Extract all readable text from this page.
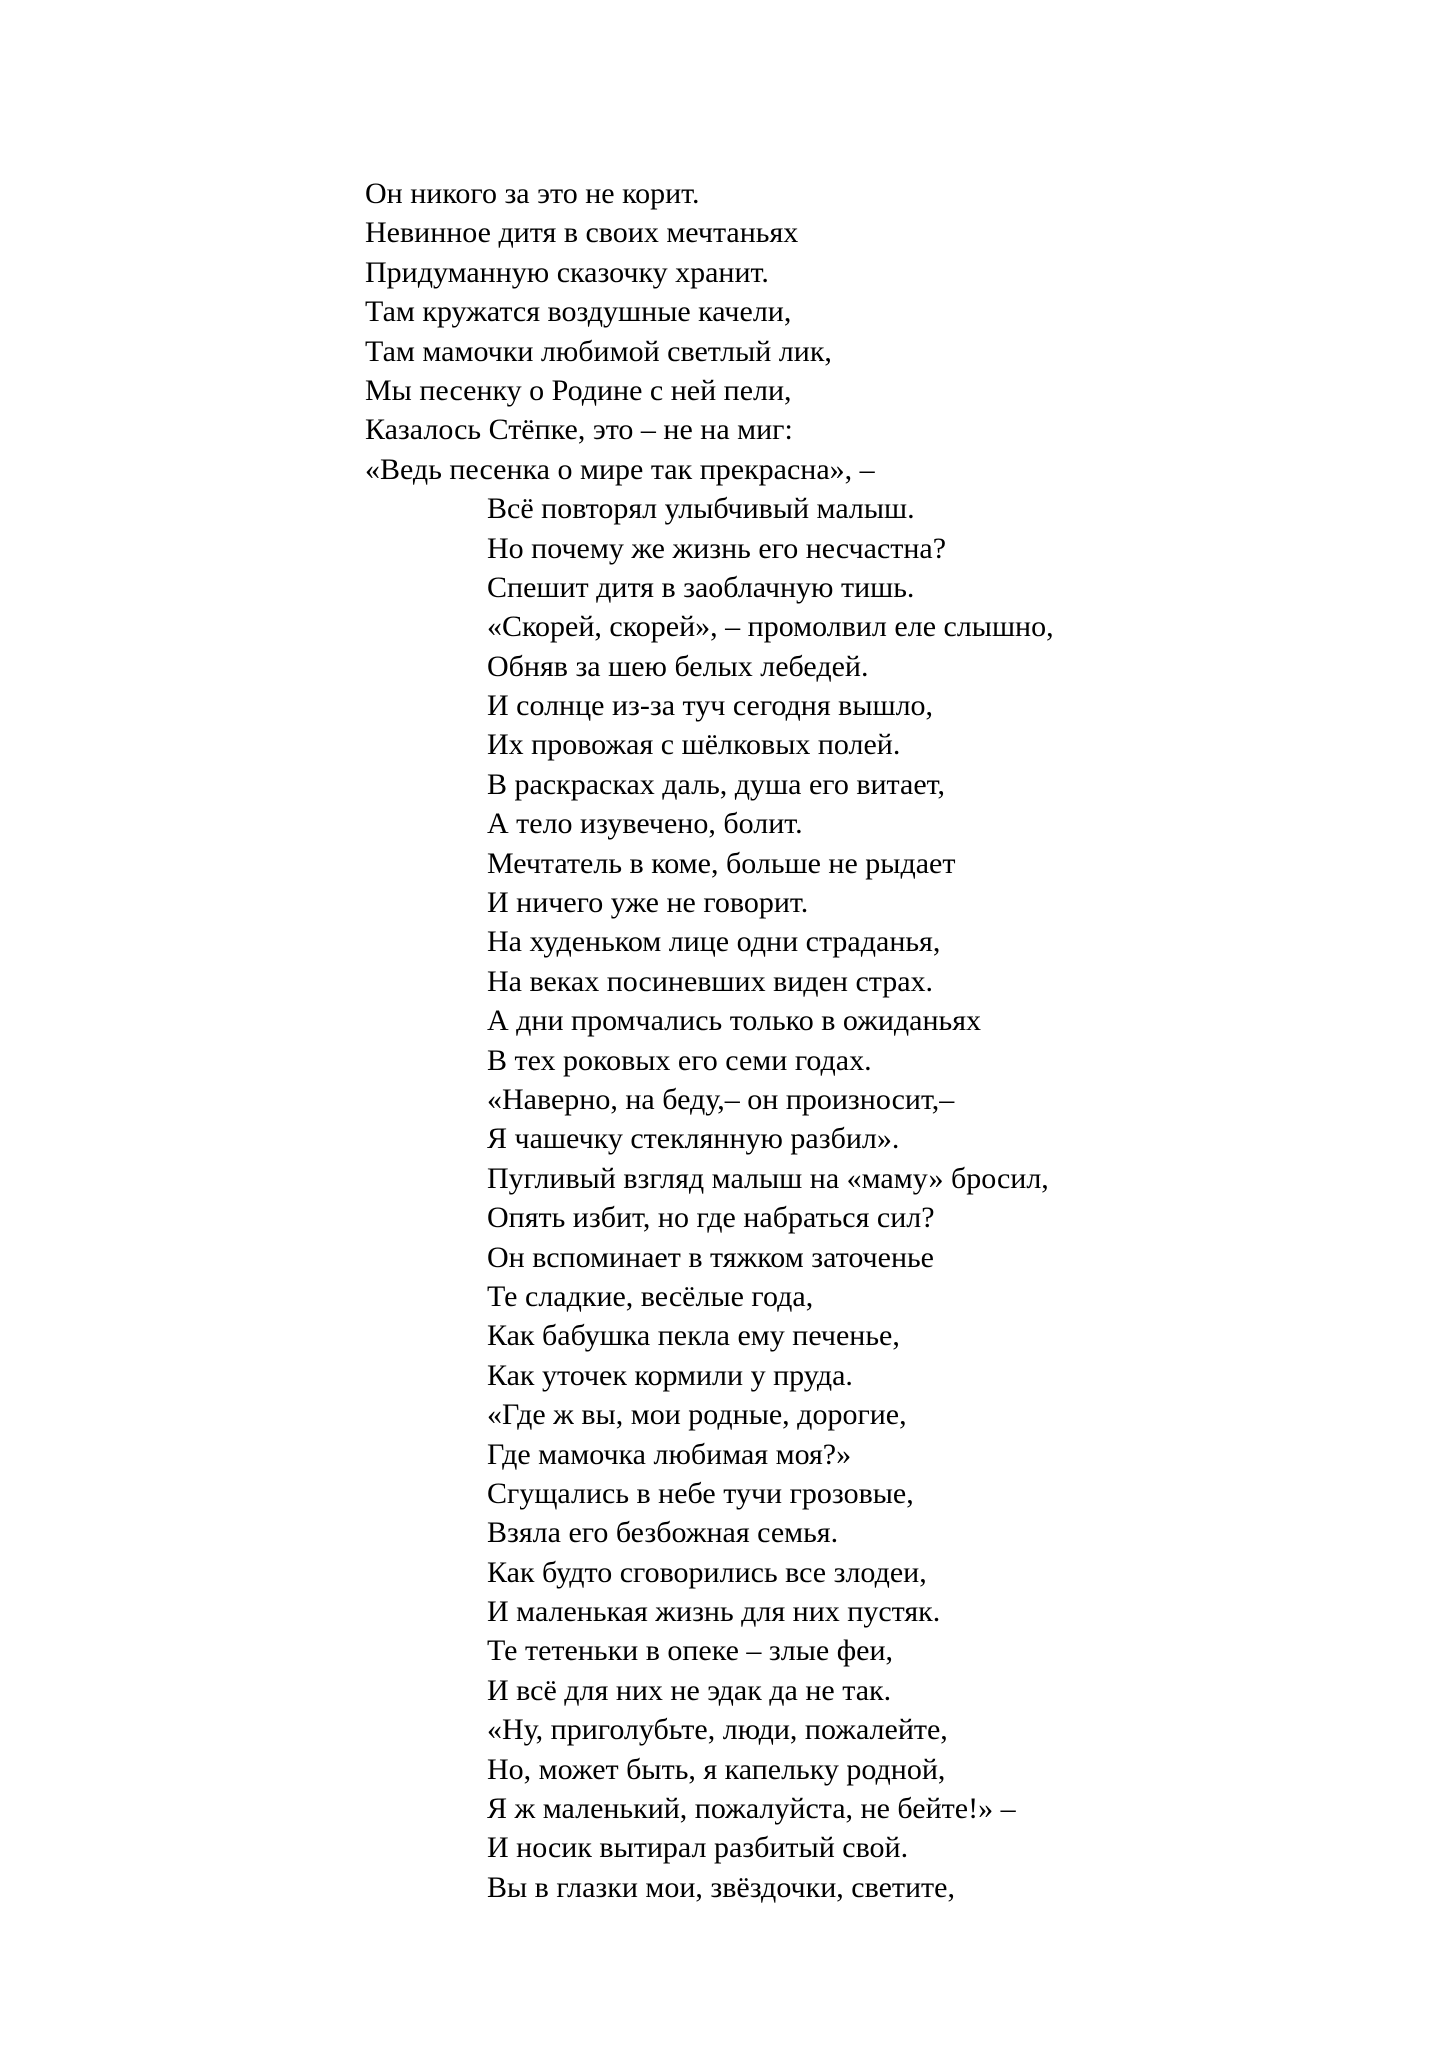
Он никого за это не корит.

Невинное дитя в своих мечтаньях

Придуманную сказочку хранит.

Там кружатся воздушные качели,

Там мамочки любимой светлый лик,

Мы песенку о Родине с ней пели,

Казалось Стёпке, это – не на миг:

«Ведь песенка о мире так прекрасна», –

Всё повторял улыбчивый малыш.

Но почему же жизнь его несчастна?

Спешит дитя в заоблачную тишь.

«Скорей, скорей», – промолвил еле слышно,

Обняв за шею белых лебедей.

И солнце из-за туч сегодня вышло,

Их провожая с шёлковых полей.

В раскрасках даль, душа его витает,

А тело изувечено, болит.

Мечтатель в коме, больше не рыдает

И ничего уже не говорит.

На худеньком лице одни страданья,

На веках посиневших виден страх.

А дни промчались только в ожиданьях

В тех роковых его семи годах.

«Наверно, на беду,– он произносит,–

Я чашечку стеклянную разбил».

Пугливый взгляд малыш на «маму» бросил,

Опять избит, но где набраться сил?

Он вспоминает в тяжком заточенье

Те сладкие, весёлые года,

Как бабушка пекла ему печенье,

Как уточек кормили у пруда.

«Где ж вы, мои родные, дорогие,

Где мамочка любимая моя?»

Сгущались в небе тучи грозовые,

Взяла его безбожная семья.

Как будто сговорились все злодеи,

И маленькая жизнь для них пустяк.

Те тетеньки в опеке – злые феи,

И всё для них не эдак да не так.

«Ну, приголубьте, люди, пожалейте,

Но, может быть, я капельку родной,

Я ж маленький, пожалуйста, не бейте!» –

И носик вытирал разбитый свой.

Вы в глазки мои, звёздочки, светите,
